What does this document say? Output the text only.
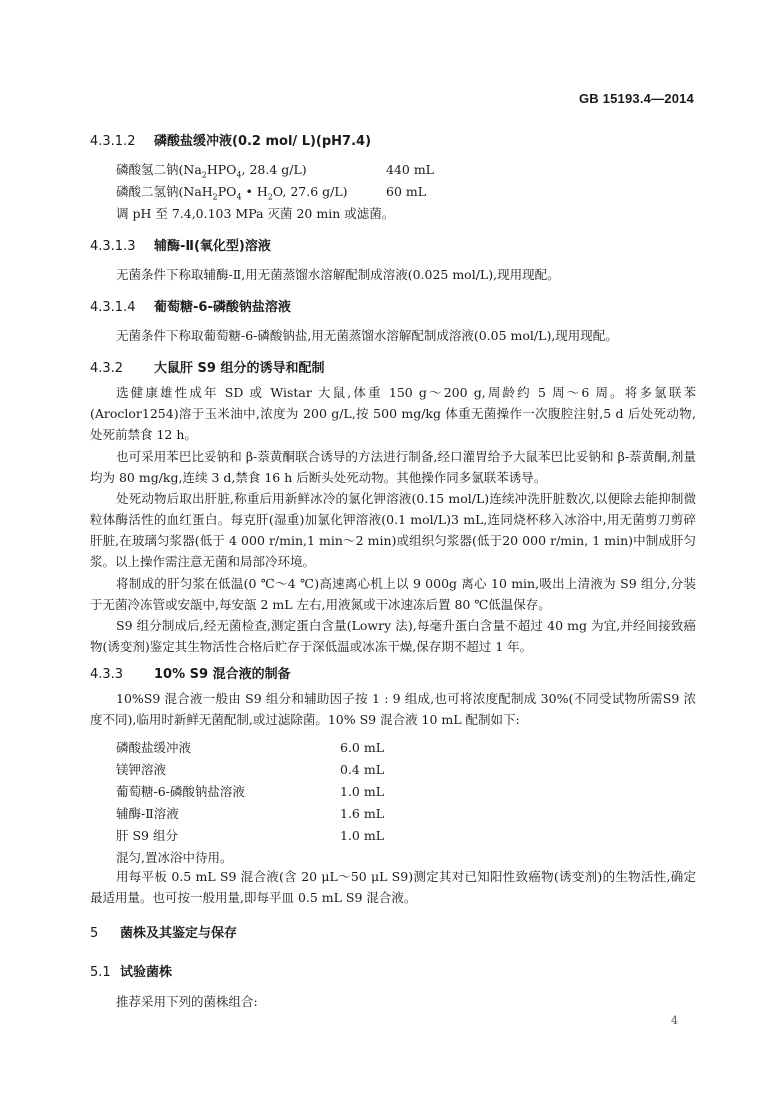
GB 15193.4—2014
4.3.1.2 磷酸盐缓冲液(0.2 mol/ L)(pH7.4)
磷酸氢二钠($Na_2HPO_4$, 28.4 g/L)	440 mL
磷酸二氢钠($NaH_2PO_4$ • $H_2O$, 27.6 g/L)	60 mL
调 pH 至 7.4,0.103 MPa 灭菌 20 min 或滤菌。
4.3.1.3 辅酶-Ⅱ(氧化型)溶液
无菌条件下称取辅酶-Ⅱ,用无菌蒸馏水溶解配制成溶液(0.025 mol/L),现用现配。
4.3.1.4 葡萄糖-6-磷酸钠盐溶液
无菌条件下称取葡萄糖-6-磷酸钠盐,用无菌蒸馏水溶解配制成溶液(0.05 mol/L),现用现配。
4.3.2 大鼠肝 S9 组分的诱导和配制
选健康雄性成年 SD 或 Wistar 大鼠,体重 150 g～200 g,周龄约 5 周～6 周。将多氯联苯(Aroclor1254)溶于玉米油中,浓度为 200 g/L,按 500 mg/kg 体重无菌操作一次腹腔注射,5 d 后处死动物,处死前禁食 12 h。
也可采用苯巴比妥钠和 β-萘黄酮联合诱导的方法进行制备,经口灌胃给予大鼠苯巴比妥钠和 β-萘黄酮,剂量均为 80 mg/kg,连续 3 d,禁食 16 h 后断头处死动物。其他操作同多氯联苯诱导。
处死动物后取出肝脏,称重后用新鲜冰冷的氯化钾溶液(0.15 mol/L)连续冲洗肝脏数次,以便除去能抑制微粒体酶活性的血红蛋白。每克肝(湿重)加氯化钾溶液(0.1 mol/L)3 mL,连同烧杯移入冰浴中,用无菌剪刀剪碎肝脏,在玻璃匀浆器(低于 4 000 r/min,1 min～2 min)或组织匀浆器(低于20 000 r/min, 1 min)中制成肝匀浆。以上操作需注意无菌和局部冷环境。
将制成的肝匀浆在低温(0 ℃～4 ℃)高速离心机上以 9 000g 离心 10 min,吸出上清液为 S9 组分,分装于无菌冷冻管或安瓿中,每安瓿 2 mL 左右,用液氮或干冰速冻后置 80 ℃低温保存。
S9 组分制成后,经无菌检查,测定蛋白含量(Lowry 法),每毫升蛋白含量不超过 40 mg 为宜,并经间接致癌物(诱变剂)鉴定其生物活性合格后贮存于深低温或冰冻干燥,保存期不超过 1 年。
4.3.3 10% S9 混合液的制备
10%S9 混合液一般由 S9 组分和辅助因子按 1 : 9 组成,也可将浓度配制成 30%(不同受试物所需S9 浓度不同),临用时新鲜无菌配制,或过滤除菌。10% S9 混合液 10 mL 配制如下:
磷酸盐缓冲液	6.0 mL
镁钾溶液	0.4 mL
葡萄糖-6-磷酸钠盐溶液	1.0 mL
辅酶-Ⅱ溶液	1.6 mL
肝 S9 组分	1.0 mL
混匀,置冰浴中待用。
用每平板 0.5 mL S9 混合液(含 20 μL～50 μL S9)测定其对已知阳性致癌物(诱变剂)的生物活性,确定最适用量。也可按一般用量,即每平皿 0.5 mL S9 混合液。
5 菌株及其鉴定与保存
5.1 试验菌株
推荐采用下列的菌株组合:
4
